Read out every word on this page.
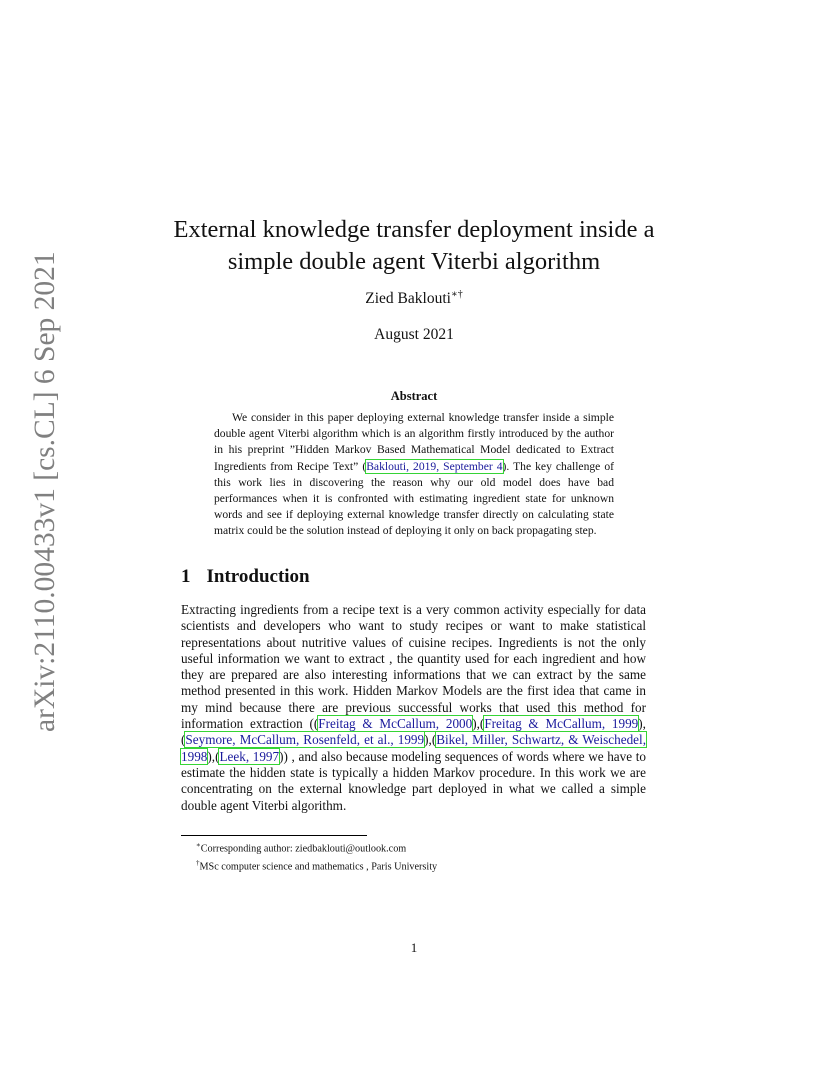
arXiv:2110.00433v1 [cs.CL] 6 Sep 2021
External knowledge transfer deployment inside a
simple double agent Viterbi algorithm
Zied Baklouti∗†
August 2021
Abstract
We consider in this paper deploying external knowledge transfer inside a simple double agent Viterbi algorithm which is an algorithm firstly introduced by the author in his preprint ”Hidden Markov Based Mathematical Model dedicated to Extract Ingredients from Recipe Text” (Baklouti, 2019, September 4). The key challenge of this work lies in discovering the reason why our old model does have bad performances when it is confronted with estimating ingredient state for unknown words and see if deploying external knowledge transfer directly on calculating state matrix could be the solution instead of deploying it only on back propagating step.
1 Introduction
Extracting ingredients from a recipe text is a very common activity especially for data scientists and developers who want to study recipes or want to make statistical representations about nutritive values of cuisine recipes. Ingredients is not the only useful information we want to extract , the quantity used for each ingredient and how they are prepared are also interesting informations that we can extract by the same method presented in this work. Hidden Markov Models are the first idea that came in my mind because there are previous successful works that used this method for information extraction ((Freitag & McCallum, 2000),(Freitag & McCallum, 1999),(Seymore, McCallum, Rosenfeld, et al., 1999),(Bikel, Miller, Schwartz, & Weischedel, 1998),(Leek, 1997)) , and also because modeling sequences of words where we have to estimate the hidden state is typically a hidden Markov procedure. In this work we are concentrating on the external knowledge part deployed in what we called a simple double agent Viterbi algorithm.
∗Corresponding author: ziedbaklouti@outlook.com
†MSc computer science and mathematics , Paris University
1
